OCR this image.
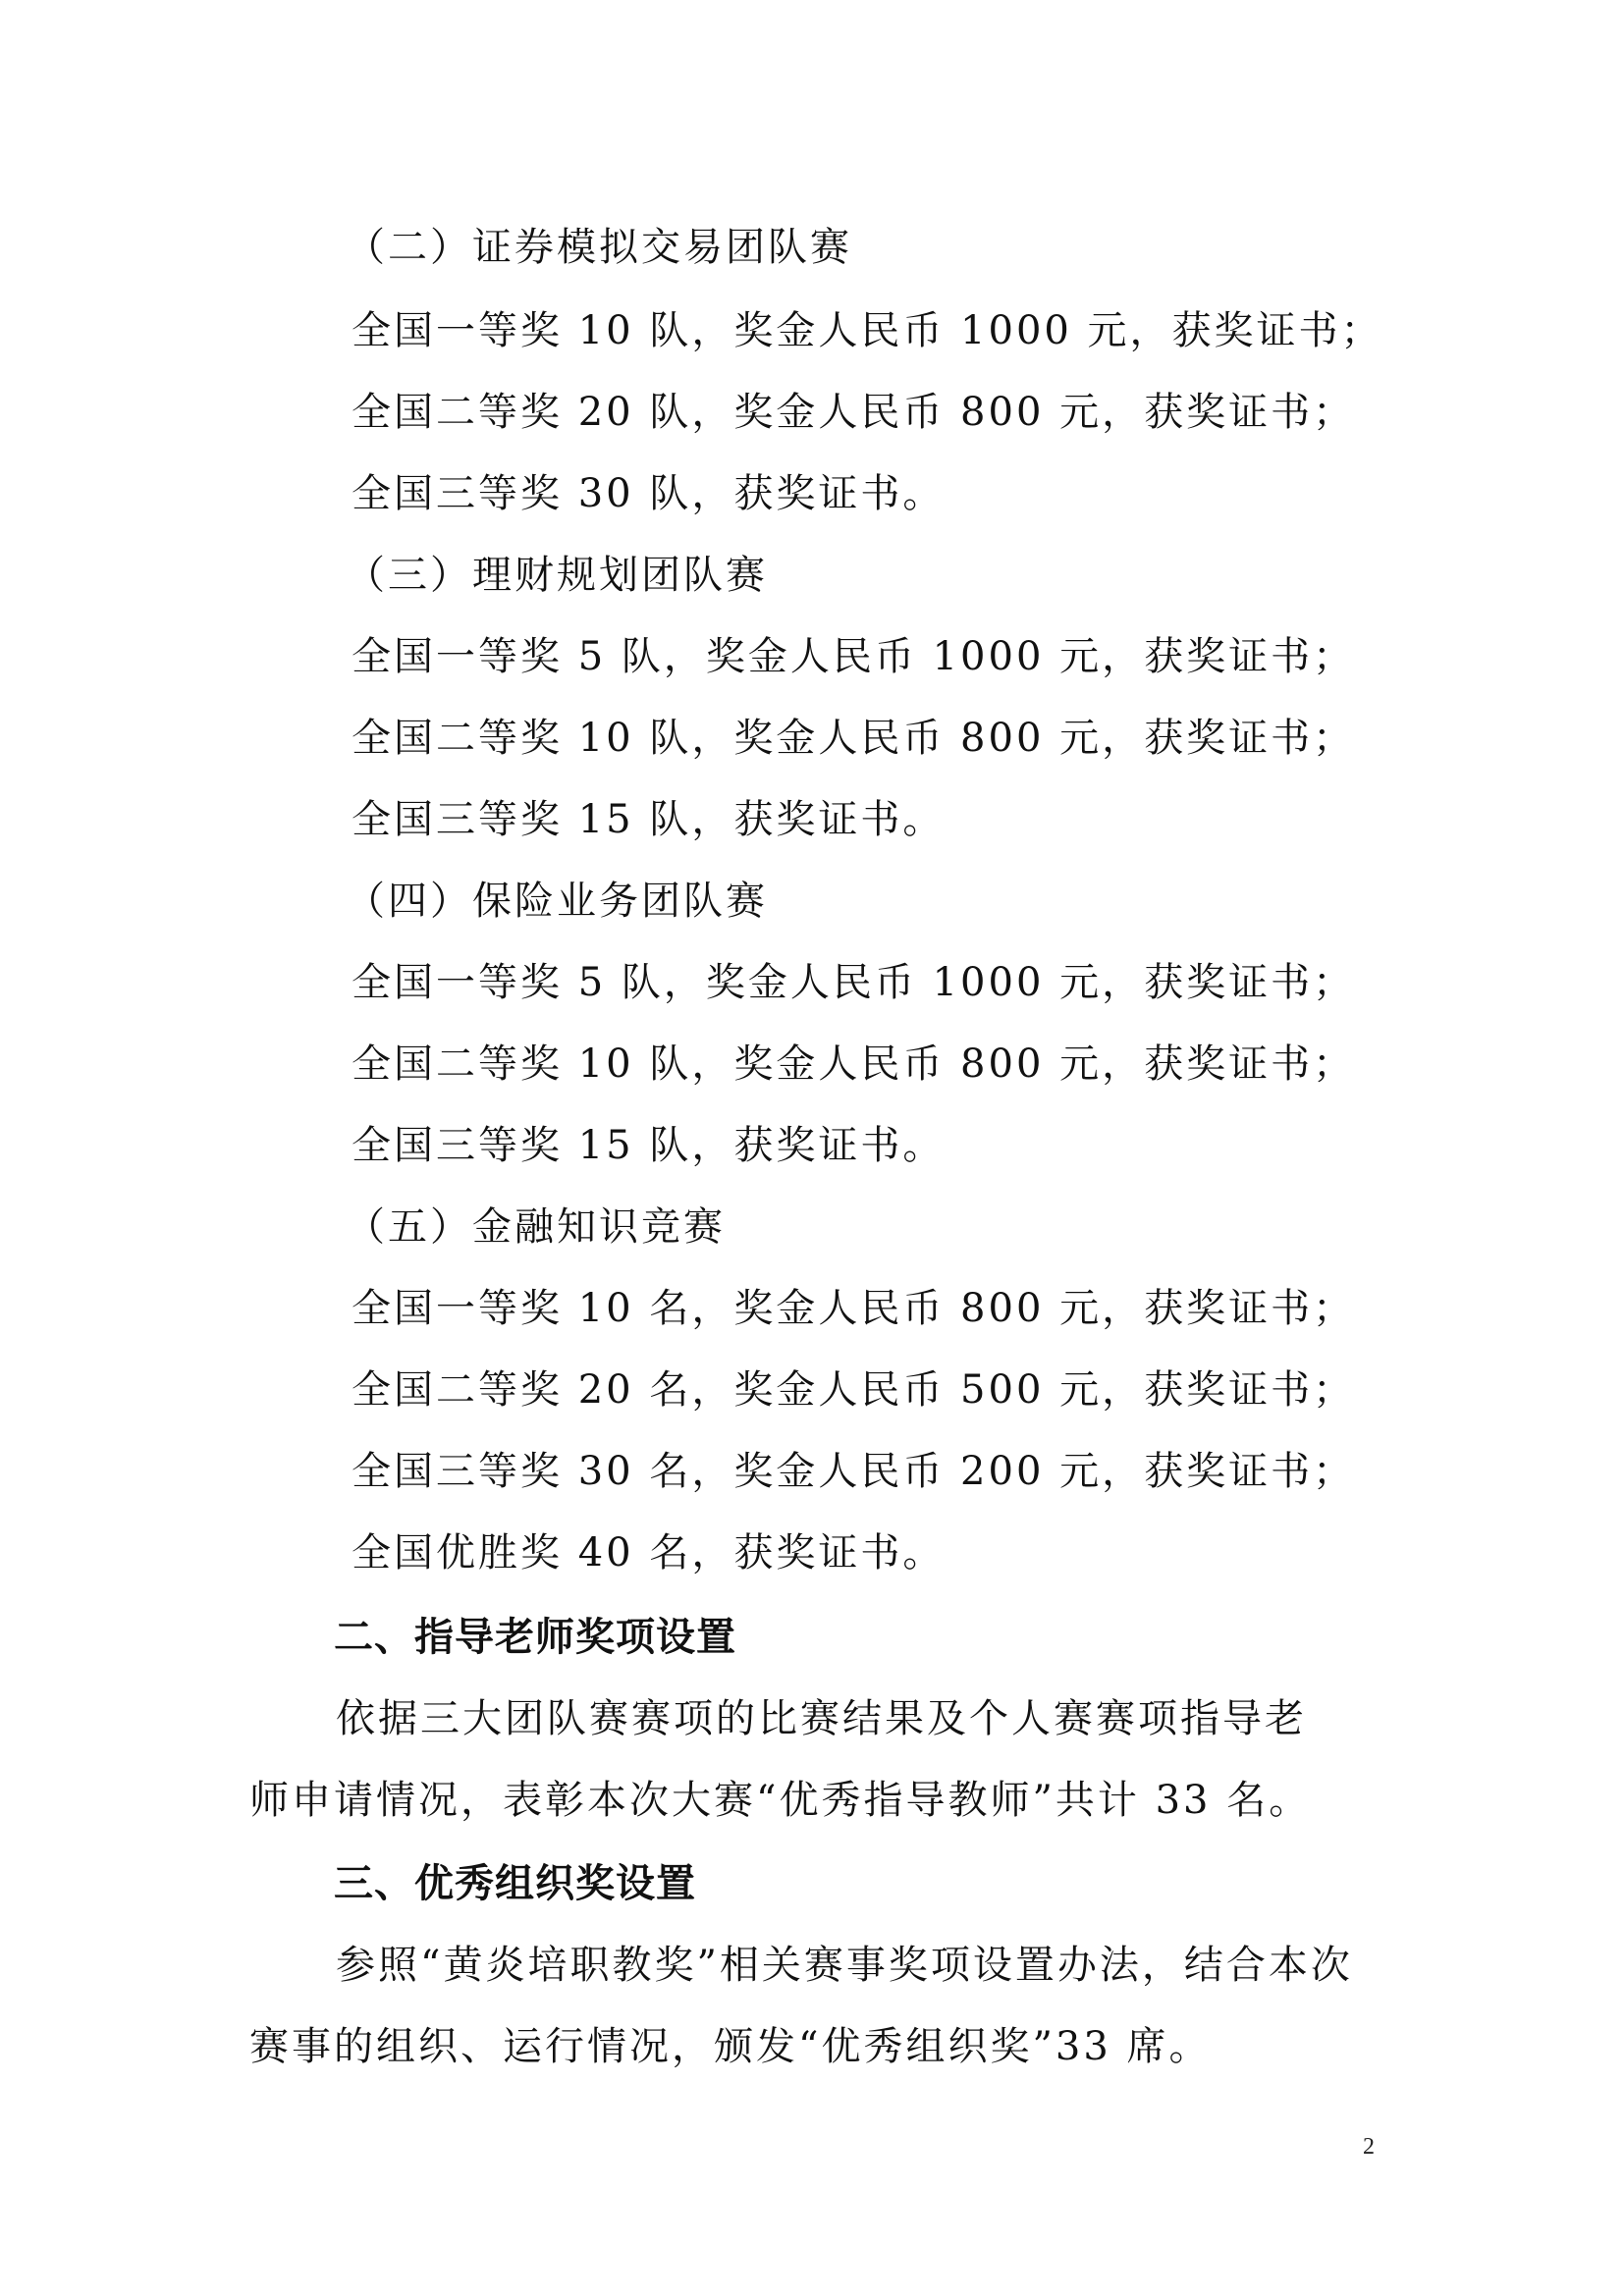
（二）证券模拟交易团队赛
全国一等奖 10 队，奖金人民币 1000 元，获奖证书；
全国二等奖 20 队，奖金人民币 800 元，获奖证书；
全国三等奖 30 队，获奖证书。
（三）理财规划团队赛
全国一等奖 5 队，奖金人民币 1000 元，获奖证书；
全国二等奖 10 队，奖金人民币 800 元，获奖证书；
全国三等奖 15 队，获奖证书。
（四）保险业务团队赛
全国一等奖 5 队，奖金人民币 1000 元，获奖证书；
全国二等奖 10 队，奖金人民币 800 元，获奖证书；
全国三等奖 15 队，获奖证书。
（五）金融知识竞赛
全国一等奖 10 名，奖金人民币 800 元，获奖证书；
全国二等奖 20 名，奖金人民币 500 元，获奖证书；
全国三等奖 30 名，奖金人民币 200 元，获奖证书；
全国优胜奖 40 名，获奖证书。
二、指导老师奖项设置
依据三大团队赛赛项的比赛结果及个人赛赛项指导老
师申请情况，表彰本次大赛“优秀指导教师”共计 33 名。
三、优秀组织奖设置
参照“黄炎培职教奖”相关赛事奖项设置办法，结合本次
赛事的组织、运行情况，颁发“优秀组织奖”33 席。
2
